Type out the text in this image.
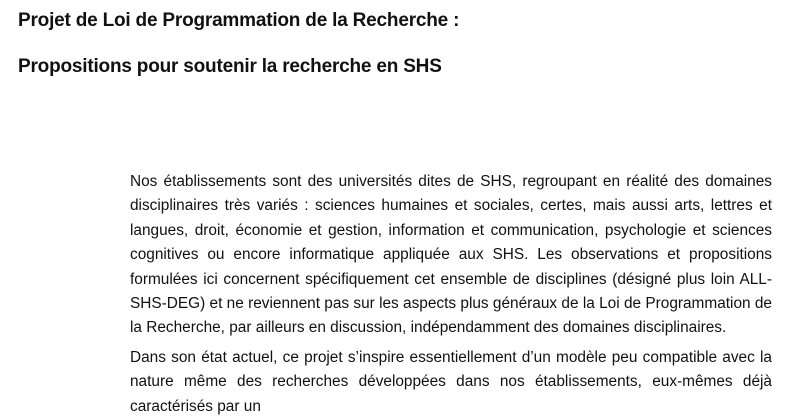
Projet de Loi de Programmation de la Recherche :
Propositions pour soutenir la recherche en SHS

Nos établissements sont des universités dites de SHS, regroupant en réalité des domaines disciplinaires très variés : sciences humaines et sociales, certes, mais aussi arts, lettres et langues, droit, économie et gestion, information et communication, psychologie et sciences cognitives ou encore informatique appliquée aux SHS. Les observations et propositions formulées ici concernent spécifiquement cet ensemble de disciplines (désigné plus loin ALL-SHS-DEG) et ne reviennent pas sur les aspects plus généraux de la Loi de Programmation de la Recherche, par ailleurs en discussion, indépendamment des domaines disciplinaires.

Dans son état actuel, ce projet s’inspire essentiellement d’un modèle peu compatible avec la nature même des recherches développées dans nos établissements, eux-mêmes déjà caractérisés par un
